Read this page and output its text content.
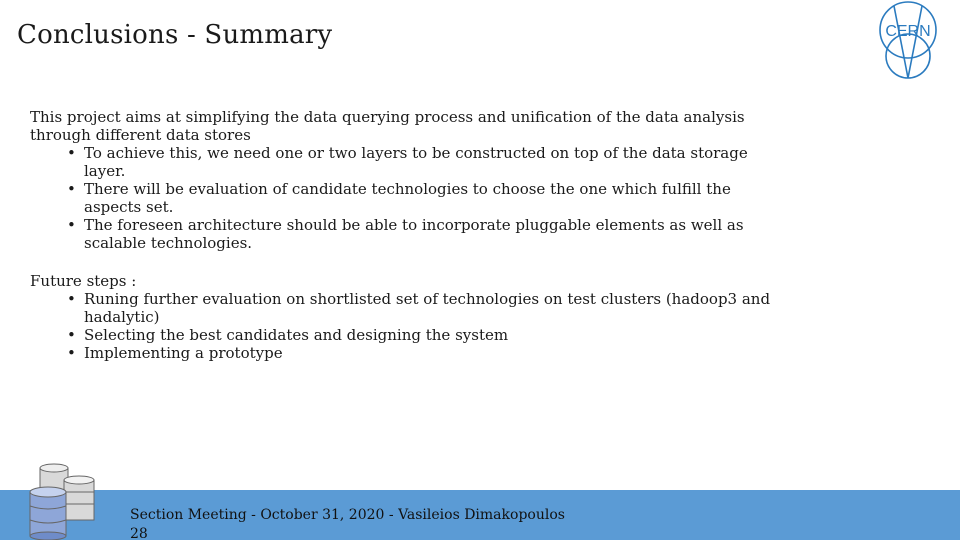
Conclusions - Summary	CERN

This project aims at simplifying the data querying process and unification of the data analysis through different data stores

• To achieve this, we need one or two layers to be constructed on top of the data storage layer.
• There will be evaluation of candidate technologies to choose the one which fulfill the aspects set.
• The foreseen architecture should be able to incorporate pluggable elements as well as scalable technologies.

Future steps :

• Runing further evaluation on shortlisted set of technologies on test clusters (hadoop3 and hadalytic)
• Selecting the best candidates and designing the system
• Implementing a prototype
Section Meeting - October 31, 2020 - Vasileios Dimakopoulos
28
